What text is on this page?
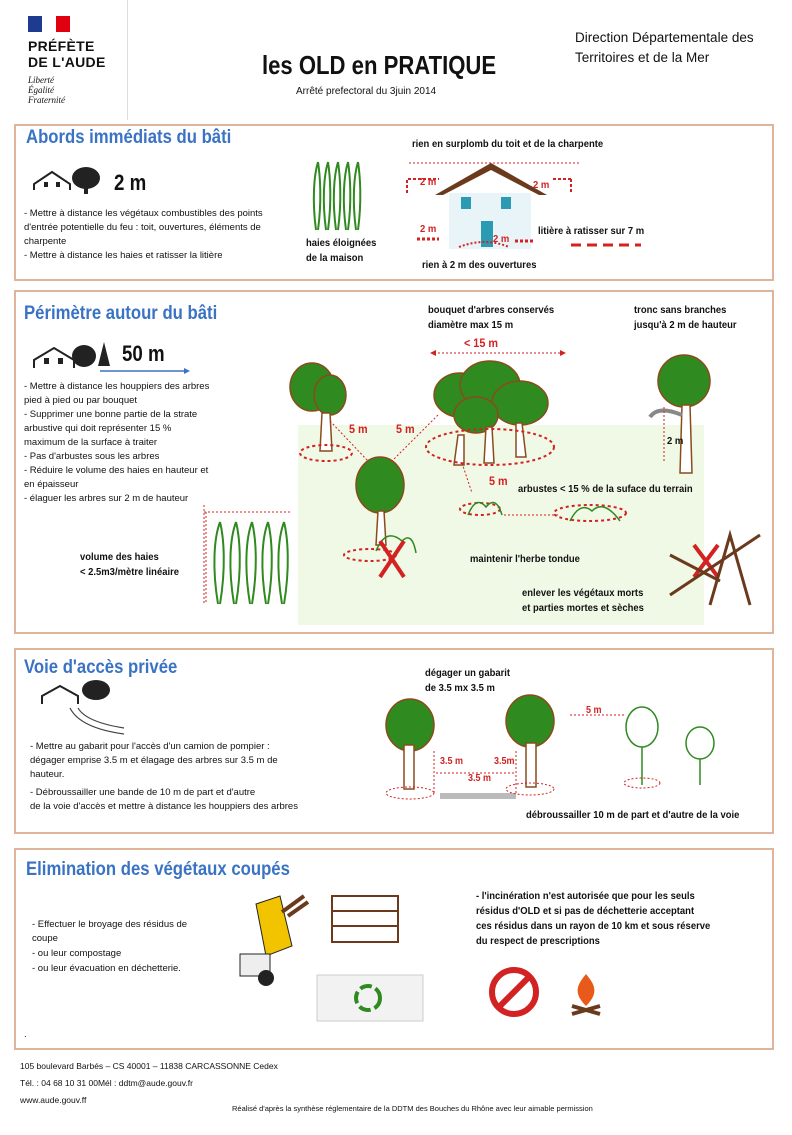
PRÉFÈTE
DE L'AUDE
Liberté
Égalité
Fraternité
les OLD en PRATIQUE
Arrêté prefectoral du 3juin 2014
Direction Départementale des
Territoires et de la Mer
Abords immédiats du bâti
2 m
- Mettre à distance les végétaux combustibles des points d'entrée potentielle du feu : toit, ouvertures, éléments de charpente
- Mettre à distance les haies et ratisser la litière
haies éloignées
de la maison
rien en surplomb du toit et de la charpente
2 m	2 m
2 m
2 m
litière à ratisser sur 7 m
rien à 2 m des ouvertures
Périmètre autour du bâti
50 m
- Mettre à distance les houppiers des arbres pied à pied ou par bouquet
- Supprimer une bonne partie de la strate arbustive qui doit représenter 15 % maximum de la surface à traiter
- Pas d'arbustes sous les arbres
- Réduire le volume des haies en hauteur et en épaisseur
- élaguer les arbres sur 2 m de hauteur
bouquet d'arbres conservés
diamètre max 15 m
< 15 m
tronc sans branches
jusqu'à 2 m de hauteur
5 m 5 m
5 m
2 m
arbustes < 15 % de la suface du terrain
volume des haies
< 2.5m3/mètre linéaire
maintenir l'herbe tondue
enlever les végétaux morts
et parties mortes et sèches
Voie d'accès privée
- Mettre au gabarit pour l'accès d'un camion de pompier : dégager emprise 3.5 m et élagage des arbres sur 3.5 m de hauteur.
- Débroussailler une bande de 10 m de part et d'autre
de la voie d'accès et mettre à distance les houppiers des arbres
dégager un gabarit
de 3.5 mx 3.5 m
3.5 m	3.5m
3.5 m
5 m
débroussailler 10 m de part et d'autre de la voie
Elimination des végétaux coupés
- Effectuer le broyage des résidus de coupe
- ou leur compostage
- ou leur évacuation en déchetterie.
.
- l'incinération n'est autorisée que pour les seuls
résidus d'OLD et si pas de déchetterie acceptant
ces résidus dans un rayon de 10 km et sous réserve
du respect de prescriptions
105 boulevard Barbés – CS 40001 – 11838 CARCASSONNE Cedex
Tél. : 04 68 10 31 00Mél : ddtm@aude.gouv.fr
www.aude.gouv.ff
Réalisé d'après la synthèse réglementaire de la DDTM des Bouches du Rhône avec leur aimable permission
